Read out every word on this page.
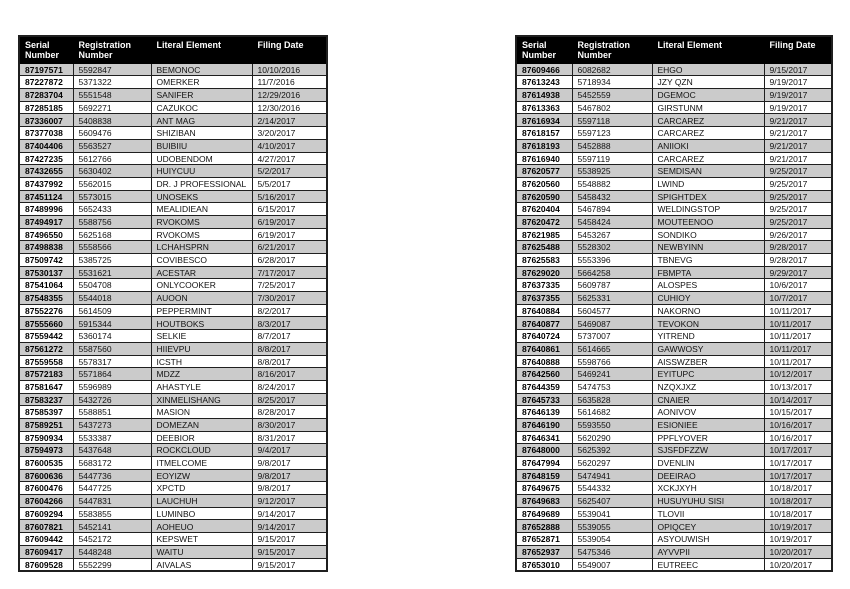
Serial Number	Registration Number	Literal Element	Filing Date
87197571	5592847	BEMONOC	10/10/2016
87227872	5371322	OMERKER	11/7/2016
87283704	5551548	SANIFER	12/29/2016
87285185	5692271	CAZUKOC	12/30/2016
87336007	5408838	ANT MAG	2/14/2017
87377038	5609476	SHIZIBAN	3/20/2017
87404406	5563527	BUIBIIU	4/10/2017
87427235	5612766	UDOBENDOM	4/27/2017
87432655	5630402	HUIYCUU	5/2/2017
87437992	5562015	DR. J PROFESSIONAL	5/5/2017
87451124	5573015	UNOSEKS	5/16/2017
87489996	5652433	MEALIDIEAN	6/15/2017
87494917	5588756	RVOKOMS	6/19/2017
87496550	5625168	RVOKOMS	6/19/2017
87498838	5558566	LCHAHSPRN	6/21/2017
87509742	5385725	COVIBESCO	6/28/2017
87530137	5531621	ACESTAR	7/17/2017
87541064	5504708	ONLYCOOKER	7/25/2017
87548355	5544018	AUOON	7/30/2017
87552276	5614509	PEPPERMINT	8/2/2017
87555660	5915344	HOUTBOKS	8/3/2017
87559442	5360174	SELKIE	8/7/2017
87561272	5587560	HIIEVPU	8/8/2017
87559558	5578317	ICSTH	8/8/2017
87572183	5571864	MDZZ	8/16/2017
87581647	5596989	AHASTYLE	8/24/2017
87583237	5432726	XINMELISHANG	8/25/2017
87585397	5588851	MASION	8/28/2017
87589251	5437273	DOMEZAN	8/30/2017
87590934	5533387	DEEBIOR	8/31/2017
87594973	5437648	ROCKCLOUD	9/4/2017
87600535	5683172	ITMELCOME	9/8/2017
87600636	5447736	EOYIZW	9/8/2017
87600476	5447725	XPCTD	9/8/2017
87604266	5447831	LAUCHUH	9/12/2017
87609294	5583855	LUMINBO	9/14/2017
87607821	5452141	AOHEUO	9/14/2017
87609442	5452172	KEPSWET	9/15/2017
87609417	5448248	WAITU	9/15/2017
87609528	5552299	AIVALAS	9/15/2017
Serial Number	Registration Number	Literal Element	Filing Date
87609466	6082682	EHGO	9/15/2017
87613243	5718934	JZY QZN	9/19/2017
87614938	5452559	DGEMOC	9/19/2017
87613363	5467802	GIRSTUNM	9/19/2017
87616934	5597118	CARCAREZ	9/21/2017
87618157	5597123	CARCAREZ	9/21/2017
87618193	5452888	ANIIOKI	9/21/2017
87616940	5597119	CARCAREZ	9/21/2017
87620577	5538925	SEMDISAN	9/25/2017
87620560	5548882	LWIND	9/25/2017
87620590	5458432	SPIGHTDEX	9/25/2017
87620404	5467894	WELDINGSTOP	9/25/2017
87620472	5458424	MOUTEENOO	9/25/2017
87621985	5453267	SONDIKO	9/26/2017
87625488	5528302	NEWBYINN	9/28/2017
87625583	5553396	TBNEVG	9/28/2017
87629020	5664258	FBMPTA	9/29/2017
87637335	5609787	ALOSPES	10/6/2017
87637355	5625331	CUHIOY	10/7/2017
87640884	5604577	NAKORNO	10/11/2017
87640877	5469087	TEVOKON	10/11/2017
87640724	5737007	YITREND	10/11/2017
87640861	5614665	GAWWOSY	10/11/2017
87640888	5598766	AISSWZBER	10/11/2017
87642560	5469241	EYITUPC	10/12/2017
87644359	5474753	NZQXJXZ	10/13/2017
87645733	5635828	CNAIER	10/14/2017
87646139	5614682	AONIVOV	10/15/2017
87646190	5593550	ESIONIEE	10/16/2017
87646341	5620290	PPFLYOVER	10/16/2017
87648000	5625392	SJSFDFZZW	10/17/2017
87647994	5620297	DVENLIN	10/17/2017
87648159	5474941	DEEIRAO	10/17/2017
87649675	5544332	XCKJXYH	10/18/2017
87649683	5625407	HUSUYUHU SISI	10/18/2017
87649689	5539041	TLOVII	10/18/2017
87652888	5539055	OPIQCEY	10/19/2017
87652871	5539054	ASYOUWISH	10/19/2017
87652937	5475346	AYVVPII	10/20/2017
87653010	5549007	EUTREEC	10/20/2017
